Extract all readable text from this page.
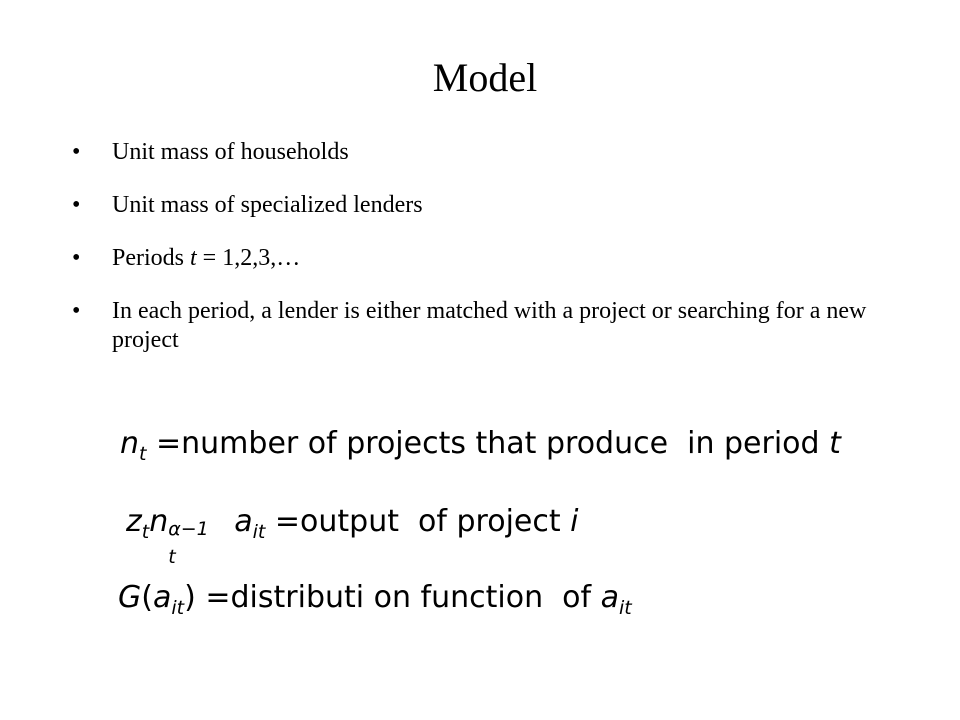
Model
• Unit mass of households
• Unit mass of specialized lenders
• Periods t = 1,2,3,…
• In each period, a lender is either matched with a project or searching for a new project
$n_t$ =number of projects that produce  in period t
$z_tn$ α−1
t
$a_{it}$ =output  of project i
$G(a_{it})$ =distributi on function  of $a_{it}$
